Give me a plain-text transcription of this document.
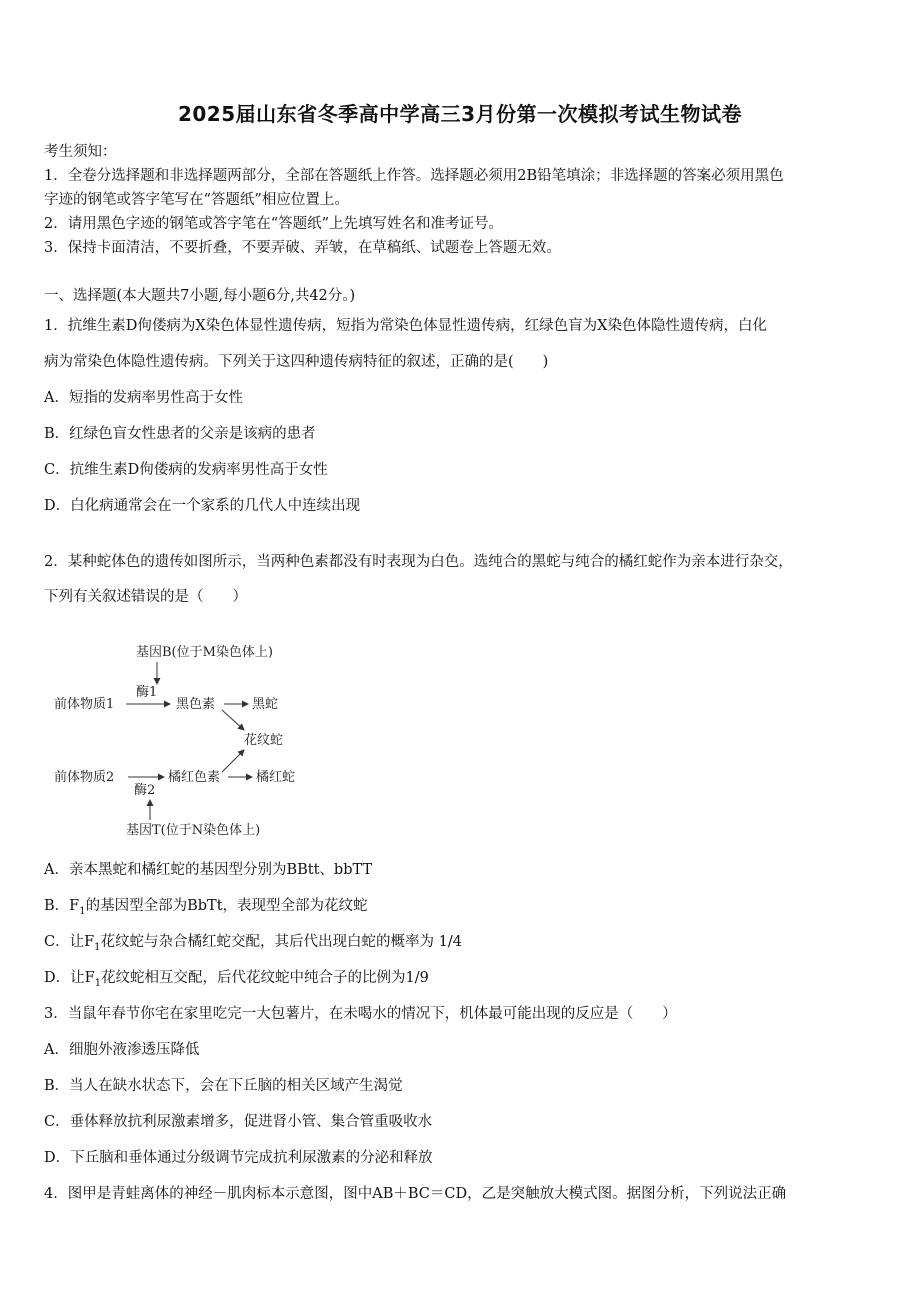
2025届山东省冬季高中学高三3月份第一次模拟考试生物试卷
考生须知：
1．全卷分选择题和非选择题两部分，全部在答题纸上作答。选择题必须用2B铅笔填涂；非选择题的答案必须用黑色
字迹的钢笔或答字笔写在“答题纸”相应位置上。
2．请用黑色字迹的钢笔或答字笔在“答题纸”上先填写姓名和准考证号。
3．保持卡面清洁，不要折叠，不要弄破、弄皱，在草稿纸、试题卷上答题无效。
一、选择题(本大题共7小题,每小题6分,共42分。)
1．抗维生素D佝偻病为X染色体显性遗传病，短指为常染色体显性遗传病，红绿色盲为X染色体隐性遗传病，白化
病为常染色体隐性遗传病。下列关于这四种遗传病特征的叙述，正确的是(　　)
A．短指的发病率男性高于女性
B．红绿色盲女性患者的父亲是该病的患者
C．抗维生素D佝偻病的发病率男性高于女性
D．白化病通常会在一个家系的几代人中连续出现
2．某种蛇体色的遗传如图所示，当两种色素都没有时表现为白色。选纯合的黑蛇与纯合的橘红蛇作为亲本进行杂交，
下列有关叙述错误的是（　　）
基因B(位于M染色体上)
酶1
前体物质1	黑色素	黑蛇
花纹蛇
前体物质2	橘红色素	橘红蛇
酶2
基因T(位于N染色体上)
A．亲本黑蛇和橘红蛇的基因型分别为BBtt、bbTT
B．$F_1$的基因型全部为BbTt，表现型全部为花纹蛇
C．让$F_1$花纹蛇与杂合橘红蛇交配，其后代出现白蛇的概率为 1/4
D．让$F_1$花纹蛇相互交配，后代花纹蛇中纯合子的比例为1/9
3．当鼠年春节你宅在家里吃完一大包薯片，在未喝水的情况下，机体最可能出现的反应是（　　）
A．细胞外液渗透压降低
B．当人在缺水状态下，会在下丘脑的相关区域产生渴觉
C．垂体释放抗利尿激素增多，促进肾小管、集合管重吸收水
D．下丘脑和垂体通过分级调节完成抗利尿激素的分泌和释放
4．图甲是青蛙离体的神经－肌肉标本示意图，图中AB＋BC＝CD，乙是突触放大模式图。据图分析，下列说法正确
